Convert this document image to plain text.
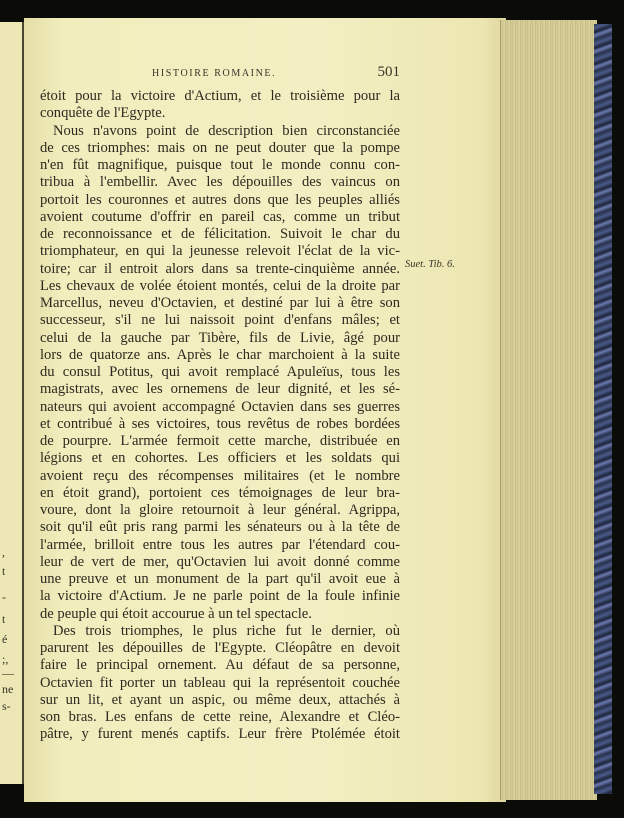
,
t
-
t
é
;,
—
ne
s-
HISTOIRE ROMAINE.	501
étoit pour la victoire d'Actium, et le troisième pour la
conquête de l'Egypte.
Nous n'avons point de description bien circonstanciée
de ces triomphes: mais on ne peut douter que la pompe
n'en fût magnifique, puisque tout le monde connu con-
tribua à l'embellir. Avec les dépouilles des vaincus on
portoit les couronnes et autres dons que les peuples alliés
avoient coutume d'offrir en pareil cas, comme un tribut
de reconnoissance et de félicitation. Suivoit le char du
triomphateur, en qui la jeunesse relevoit l'éclat de la vic-
toire; car il entroit alors dans sa trente-cinquième année.
Les chevaux de volée étoient montés, celui de la droite par
Marcellus, neveu d'Octavien, et destiné par lui à être son
successeur, s'il ne lui naissoit point d'enfans mâles; et
celui de la gauche par Tibère, fils de Livie, âgé pour
lors de quatorze ans. Après le char marchoient à la suite
du consul Potitus, qui avoit remplacé Apuleïus, tous les
magistrats, avec les ornemens de leur dignité, et les sé-
nateurs qui avoient accompagné Octavien dans ses guerres
et contribué à ses victoires, tous revêtus de robes bordées
de pourpre. L'armée fermoit cette marche, distribuée en
légions et en cohortes. Les officiers et les soldats qui
avoient reçu des récompenses militaires (et le nombre
en étoit grand), portoient ces témoignages de leur bra-
voure, dont la gloire retournoit à leur général. Agrippa,
soit qu'il eût pris rang parmi les sénateurs ou à la tête de
l'armée, brilloit entre tous les autres par l'étendard cou-
leur de vert de mer, qu'Octavien lui avoit donné comme
une preuve et un monument de la part qu'il avoit eue à
la victoire d'Actium. Je ne parle point de la foule infinie
de peuple qui étoit accourue à un tel spectacle.
Des trois triomphes, le plus riche fut le dernier, où
parurent les dépouilles de l'Egypte. Cléopâtre en devoit
faire le principal ornement. Au défaut de sa personne,
Octavien fit porter un tableau qui la représentoit couchée
sur un lit, et ayant un aspic, ou même deux, attachés à
son bras. Les enfans de cette reine, Alexandre et Cléo-
pâtre, y furent menés captifs. Leur frère Ptolémée étoit
Suet. Tib. 6.
